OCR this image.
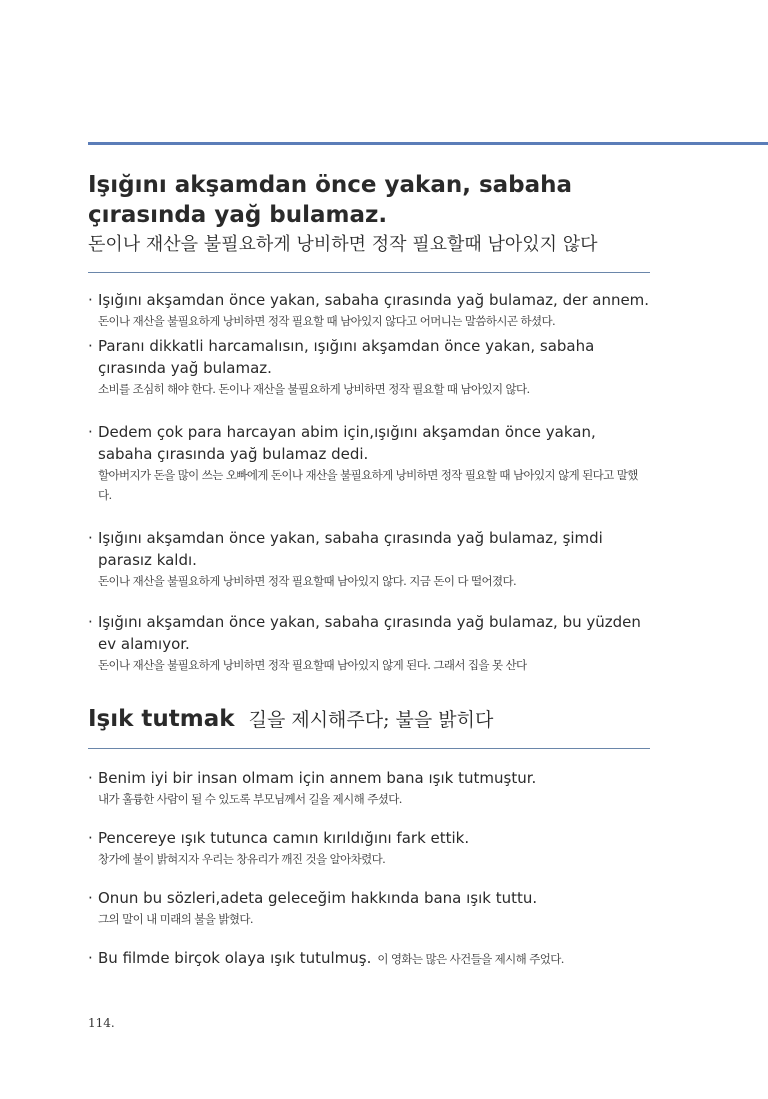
Işığını akşamdan önce yakan, sabaha
çırasında yağ bulamaz.
돈이나 재산을 불필요하게 낭비하면 정작 필요할때 남아있지 않다
· Işığını akşamdan önce yakan, sabaha çırasında yağ bulamaz, der annem.
돈이나 재산을 불필요하게 낭비하면 정작 필요할 때 남아있지 않다고 어머니는 말씀하시곤 하셨다.
· Paranı dikkatli harcamalısın, ışığını akşamdan önce yakan, sabaha çırasında yağ bulamaz.
소비를 조심히 해야 한다. 돈이나 재산을 불필요하게 낭비하면 정작 필요할 때 남아있지 않다.
· Dedem çok para harcayan abim için,ışığını akşamdan önce yakan, sabaha çırasında yağ bulamaz dedi.
할아버지가 돈을 많이 쓰는 오빠에게 돈이나 재산을 불필요하게 낭비하면 정작 필요할 때 남아있지 않게 된다고 말했다.
· Işığını akşamdan önce yakan, sabaha çırasında yağ bulamaz, şimdi parasız kaldı.
돈이나 재산을 불필요하게 낭비하면 정작 필요할때 남아있지 않다. 지금 돈이 다 떨어졌다.
· Işığını akşamdan önce yakan, sabaha çırasında yağ bulamaz, bu yüzden ev alamıyor.
돈이나 재산을 불필요하게 낭비하면 정작 필요할때 남아있지 않게 된다. 그래서 집을 못 산다
Işık tutmak 길을 제시해주다; 불을 밝히다
· Benim iyi bir insan olmam için annem bana ışık tutmuştur.
내가 훌륭한 사람이 될 수 있도록 부모님께서 길을 제시해 주셨다.
· Pencereye ışık tutunca camın kırıldığını fark ettik.
창가에 불이 밝혀지자 우리는 창유리가 깨진 것을 알아차렸다.
· Onun bu sözleri,adeta geleceğim hakkında bana ışık tuttu.
그의 말이 내 미래의 불을 밝혔다.
· Bu filmde birçok olaya ışık tutulmuş. 이 영화는 많은 사건들을 제시해 주었다.
114.
